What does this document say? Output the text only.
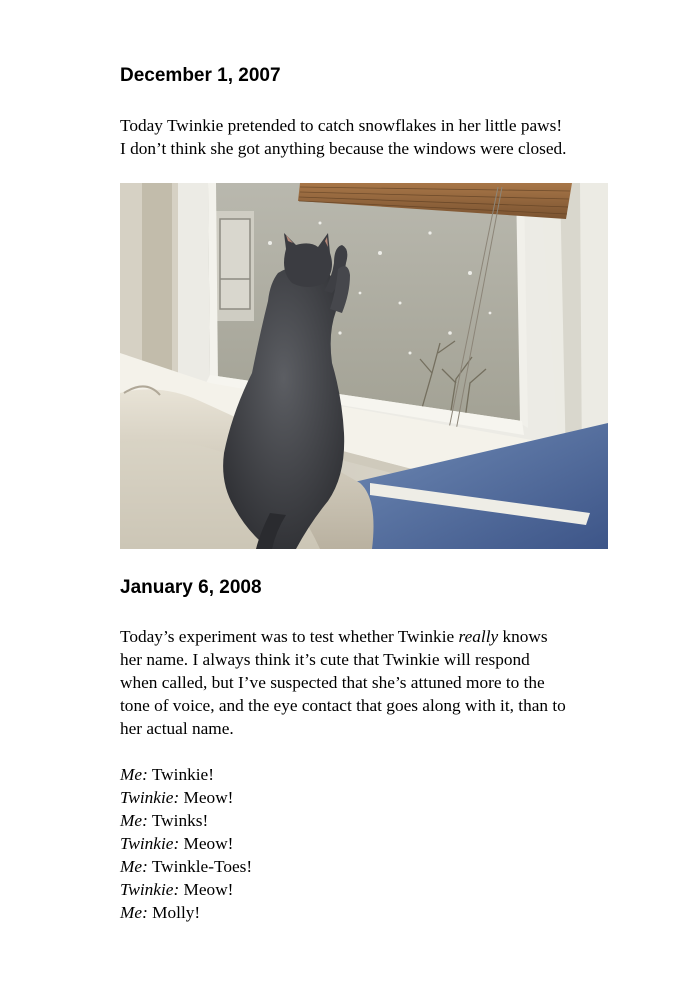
December 1, 2007

Today Twinkie pretended to catch snowflakes in her little paws!
I don’t think she got anything because the windows were closed.

January 6, 2008

Today’s experiment was to test whether Twinkie really knows
her name. I always think it’s cute that Twinkie will respond
when called, but I’ve suspected that she’s attuned more to the
tone of voice, and the eye contact that goes along with it, than to
her actual name.

Me: Twinkie!
Twinkie: Meow!
Me: Twinks!
Twinkie: Meow!
Me: Twinkle-Toes!
Twinkie: Meow!
Me: Molly!
